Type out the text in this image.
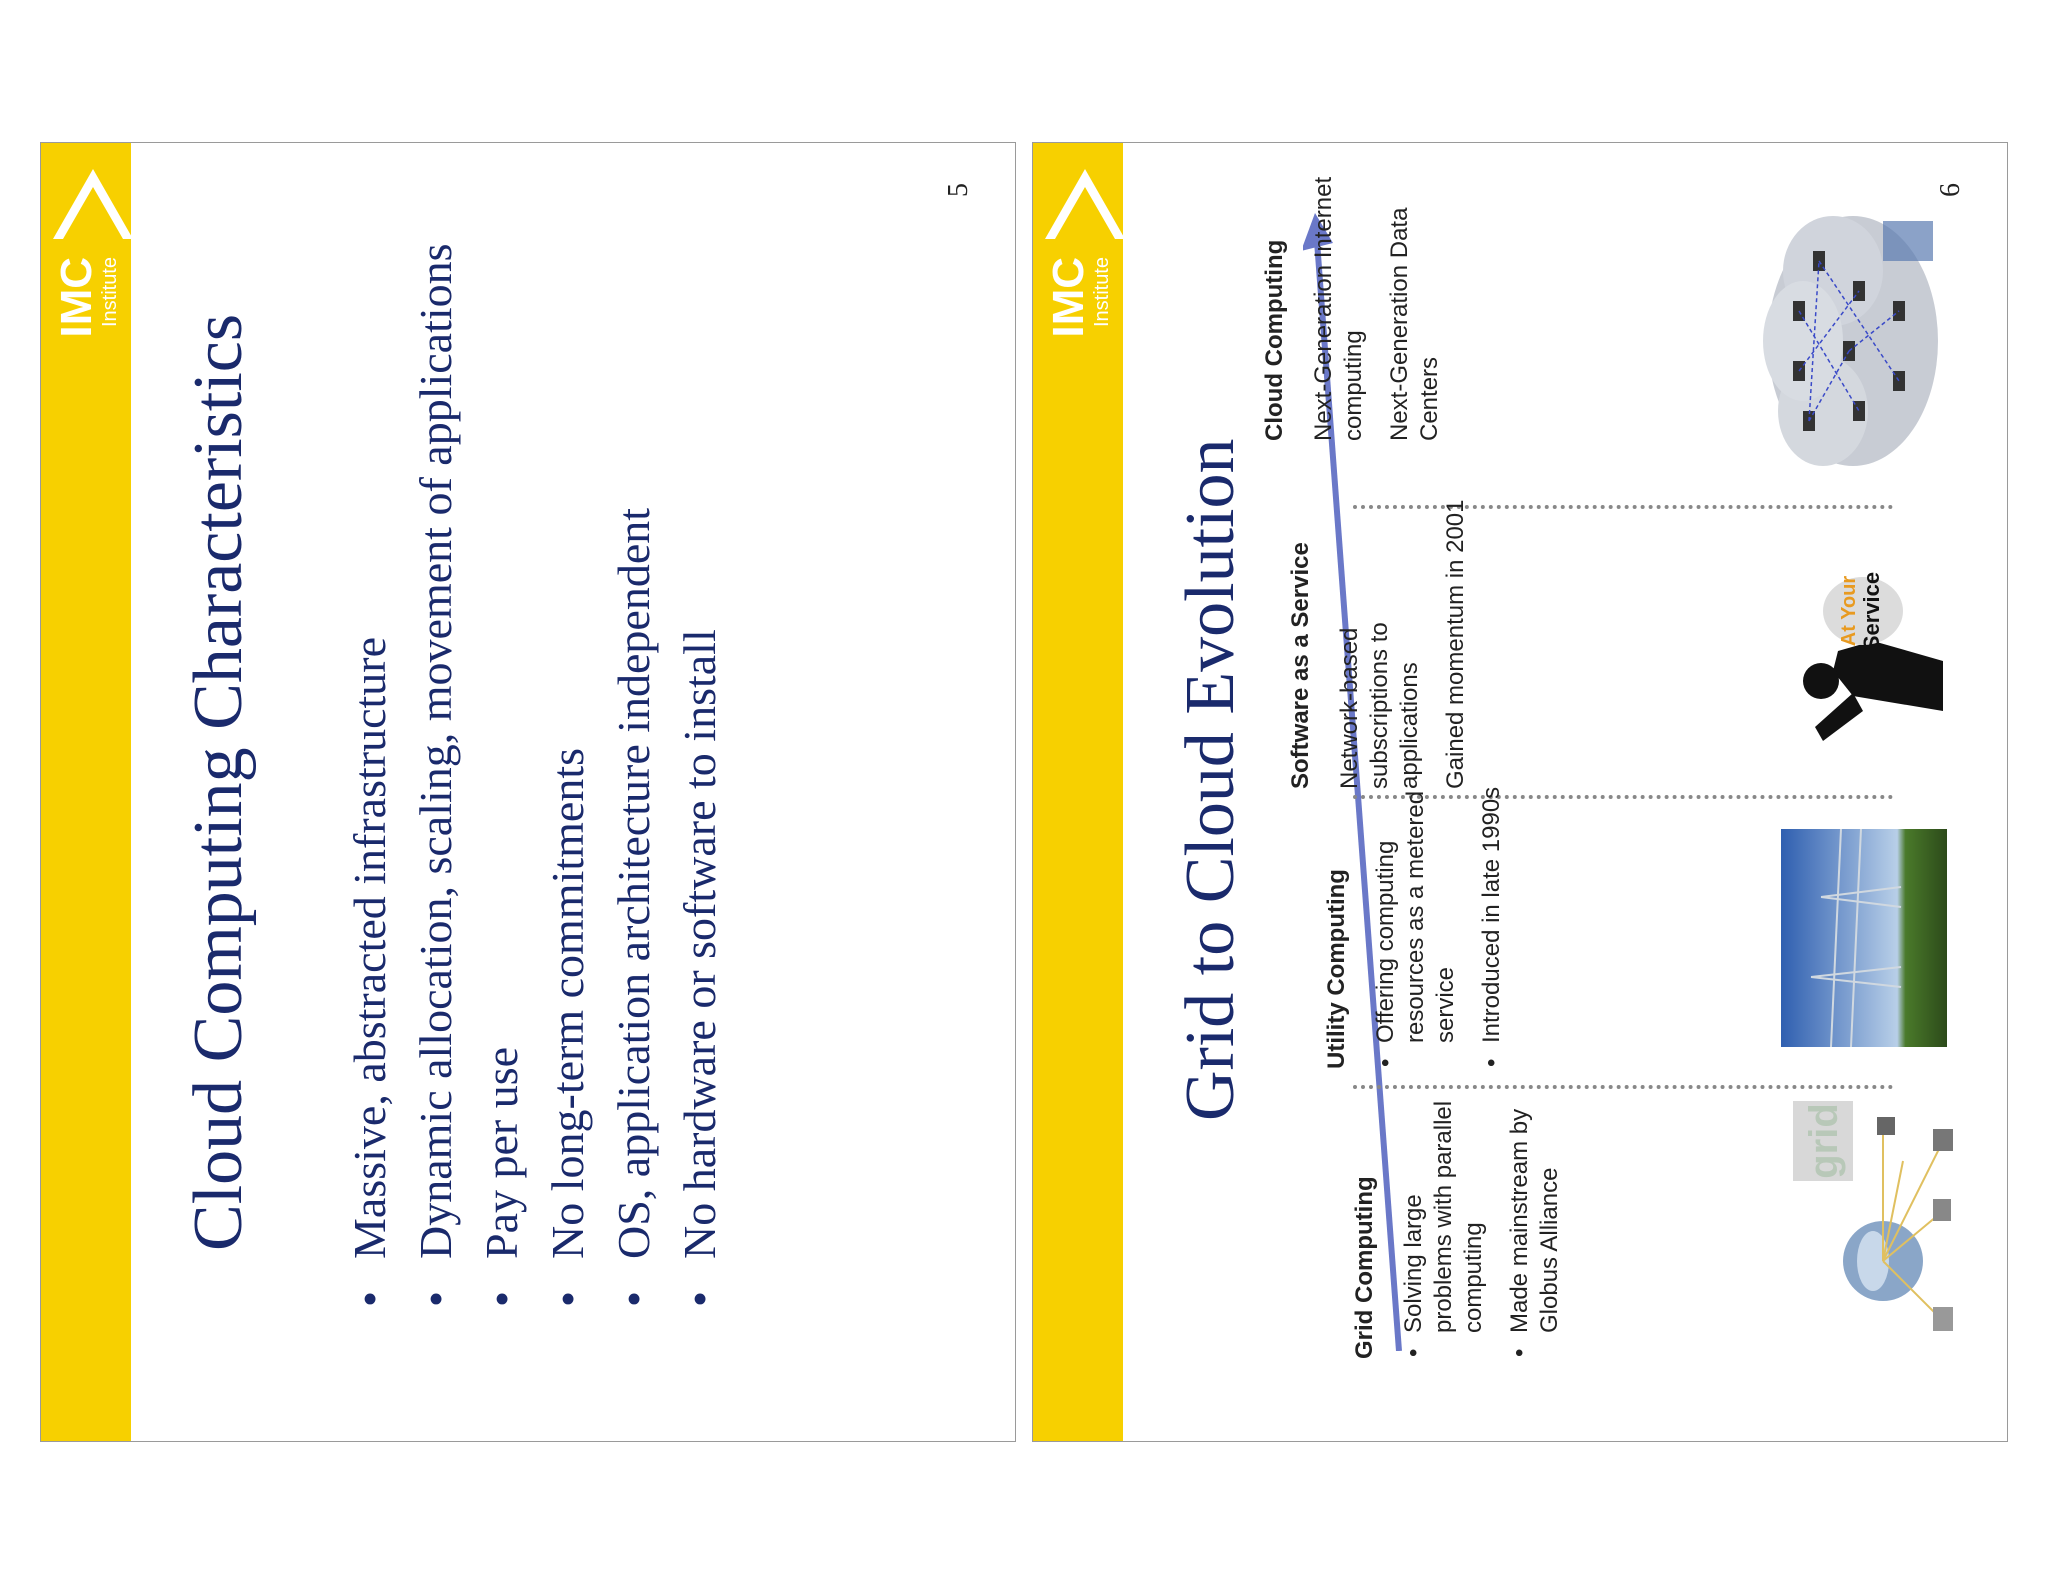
IMC
Institute
Cloud Computing Characteristics • Massive, abstracted infrastructure • Dynamic allocation, scaling, movement of applications • Pay per use • No long-term commitments • OS, application architecture independent • No hardware or software to install
5
IMC
Institute
Grid to Cloud Evolution
Grid Computing • Solving large problems with parallel computing • Made mainstream by Globus Alliance

Utility Computing • Offering computing resources as a metered service • Introduced in late 1990s

Software as a Service Network-based subscriptions to applications Gained momentum in 2001

Cloud Computing Next-Generation Internet computing Next-Generation Data Centers

grid
At Your Service
6
